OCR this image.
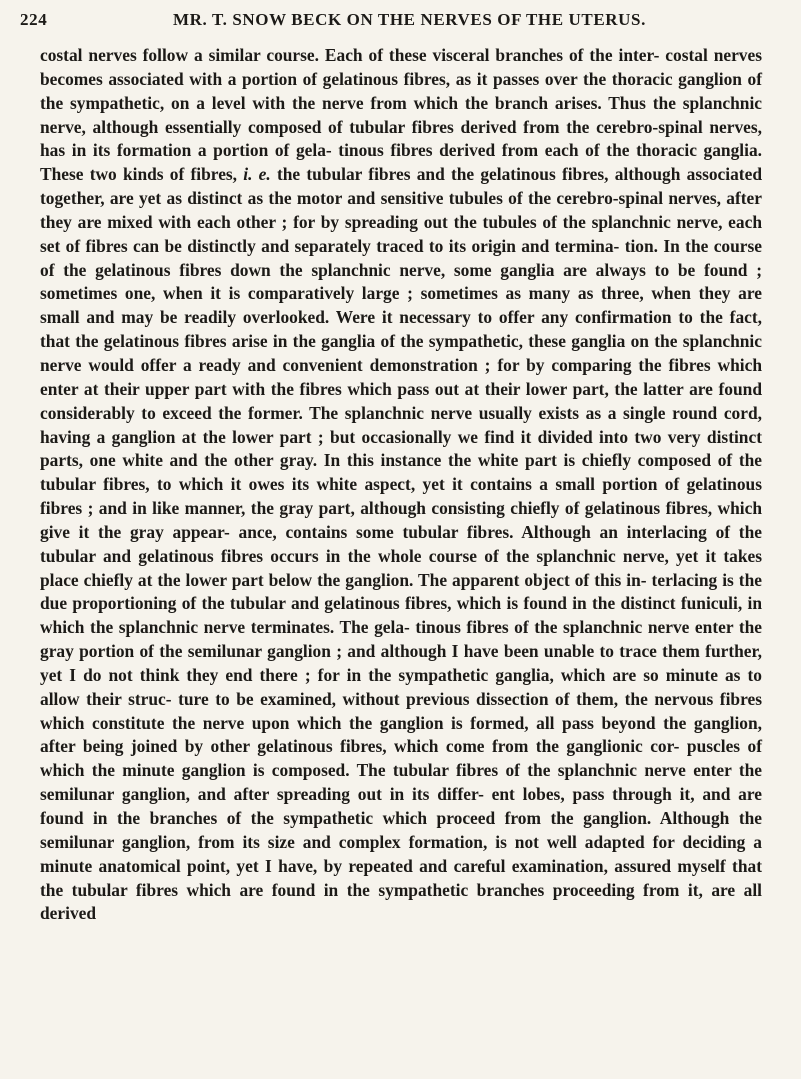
224	MR. T. SNOW BECK ON THE NERVES OF THE UTERUS.
costal nerves follow a similar course. Each of these visceral branches of the inter- costal nerves becomes associated with a portion of gelatinous fibres, as it passes over the thoracic ganglion of the sympathetic, on a level with the nerve from which the branch arises. Thus the splanchnic nerve, although essentially composed of tubular fibres derived from the cerebro-spinal nerves, has in its formation a portion of gela- tinous fibres derived from each of the thoracic ganglia. These two kinds of fibres, i. e. the tubular fibres and the gelatinous fibres, although associated together, are yet as distinct as the motor and sensitive tubules of the cerebro-spinal nerves, after they are mixed with each other ; for by spreading out the tubules of the splanchnic nerve, each set of fibres can be distinctly and separately traced to its origin and termina- tion. In the course of the gelatinous fibres down the splanchnic nerve, some ganglia are always to be found ; sometimes one, when it is comparatively large ; sometimes as many as three, when they are small and may be readily overlooked. Were it necessary to offer any confirmation to the fact, that the gelatinous fibres arise in the ganglia of the sympathetic, these ganglia on the splanchnic nerve would offer a ready and convenient demonstration ; for by comparing the fibres which enter at their upper part with the fibres which pass out at their lower part, the latter are found considerably to exceed the former. The splanchnic nerve usually exists as a single round cord, having a ganglion at the lower part ; but occasionally we find it divided into two very distinct parts, one white and the other gray. In this instance the white part is chiefly composed of the tubular fibres, to which it owes its white aspect, yet it contains a small portion of gelatinous fibres ; and in like manner, the gray part, although consisting chiefly of gelatinous fibres, which give it the gray appear- ance, contains some tubular fibres. Although an interlacing of the tubular and gelatinous fibres occurs in the whole course of the splanchnic nerve, yet it takes place chiefly at the lower part below the ganglion. The apparent object of this in- terlacing is the due proportioning of the tubular and gelatinous fibres, which is found in the distinct funiculi, in which the splanchnic nerve terminates. The gela- tinous fibres of the splanchnic nerve enter the gray portion of the semilunar ganglion ; and although I have been unable to trace them further, yet I do not think they end there ; for in the sympathetic ganglia, which are so minute as to allow their struc- ture to be examined, without previous dissection of them, the nervous fibres which constitute the nerve upon which the ganglion is formed, all pass beyond the ganglion, after being joined by other gelatinous fibres, which come from the ganglionic cor- puscles of which the minute ganglion is composed. The tubular fibres of the splanchnic nerve enter the semilunar ganglion, and after spreading out in its differ- ent lobes, pass through it, and are found in the branches of the sympathetic which proceed from the ganglion. Although the semilunar ganglion, from its size and complex formation, is not well adapted for deciding a minute anatomical point, yet I have, by repeated and careful examination, assured myself that the tubular fibres which are found in the sympathetic branches proceeding from it, are all derived
